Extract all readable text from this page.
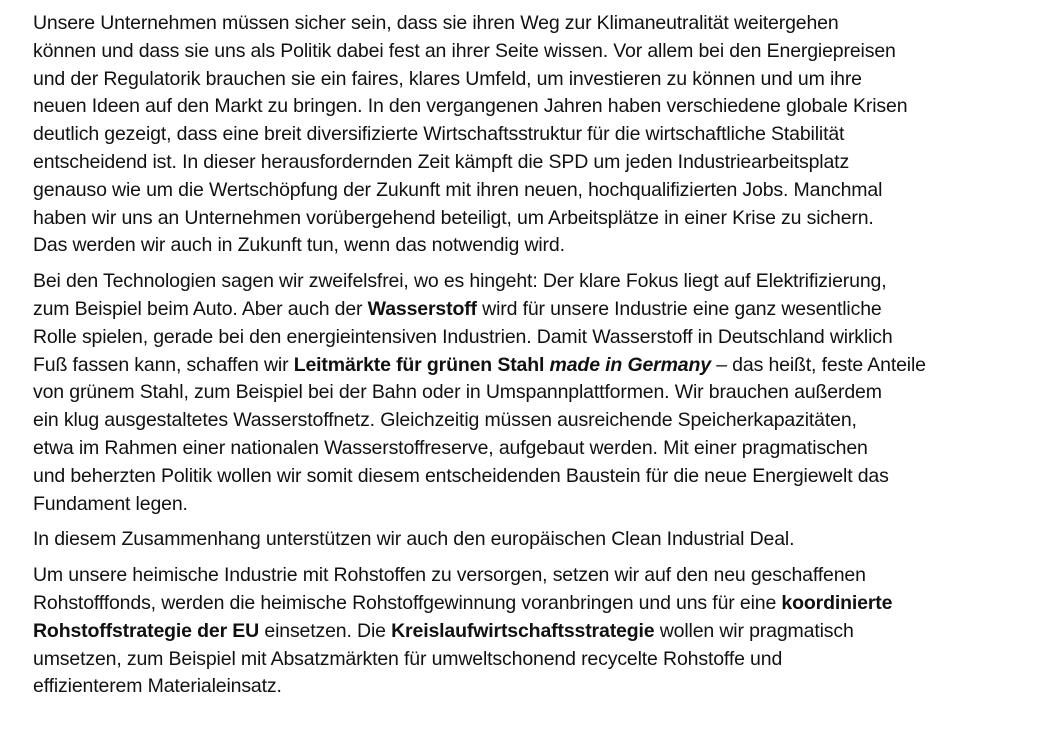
Unsere Unternehmen müssen sicher sein, dass sie ihren Weg zur Klimaneutralität weitergehen
können und dass sie uns als Politik dabei fest an ihrer Seite wissen. Vor allem bei den Energiepreisen
und der Regulatorik brauchen sie ein faires, klares Umfeld, um investieren zu können und um ihre
neuen Ideen auf den Markt zu bringen. In den vergangenen Jahren haben verschiedene globale Krisen
deutlich gezeigt, dass eine breit diversifizierte Wirtschaftsstruktur für die wirtschaftliche Stabilität
entscheidend ist. In dieser herausfordernden Zeit kämpft die SPD um jeden Industriearbeitsplatz
genauso wie um die Wertschöpfung der Zukunft mit ihren neuen, hochqualifizierten Jobs. Manchmal
haben wir uns an Unternehmen vorübergehend beteiligt, um Arbeitsplätze in einer Krise zu sichern.
Das werden wir auch in Zukunft tun, wenn das notwendig wird.
Bei den Technologien sagen wir zweifelsfrei, wo es hingeht: Der klare Fokus liegt auf Elektrifizierung,
zum Beispiel beim Auto. Aber auch der Wasserstoff wird für unsere Industrie eine ganz wesentliche
Rolle spielen, gerade bei den energieintensiven Industrien. Damit Wasserstoff in Deutschland wirklich
Fuß fassen kann, schaffen wir Leitmärkte für grünen Stahl made in Germany – das heißt, feste Anteile
von grünem Stahl, zum Beispiel bei der Bahn oder in Umspannplattformen. Wir brauchen außerdem
ein klug ausgestaltetes Wasserstoffnetz. Gleichzeitig müssen ausreichende Speicherkapazitäten,
etwa im Rahmen einer nationalen Wasserstoffreserve, aufgebaut werden. Mit einer pragmatischen
und beherzten Politik wollen wir somit diesem entscheidenden Baustein für die neue Energiewelt das
Fundament legen.
In diesem Zusammenhang unterstützen wir auch den europäischen Clean Industrial Deal.
Um unsere heimische Industrie mit Rohstoffen zu versorgen, setzen wir auf den neu geschaffenen
Rohstofffonds, werden die heimische Rohstoffgewinnung voranbringen und uns für eine koordinierte
Rohstoffstrategie der EU einsetzen. Die Kreislaufwirtschaftsstrategie wollen wir pragmatisch
umsetzen, zum Beispiel mit Absatzmärkten für umweltschonend recycelte Rohstoffe und
effizienterem Materialeinsatz.
